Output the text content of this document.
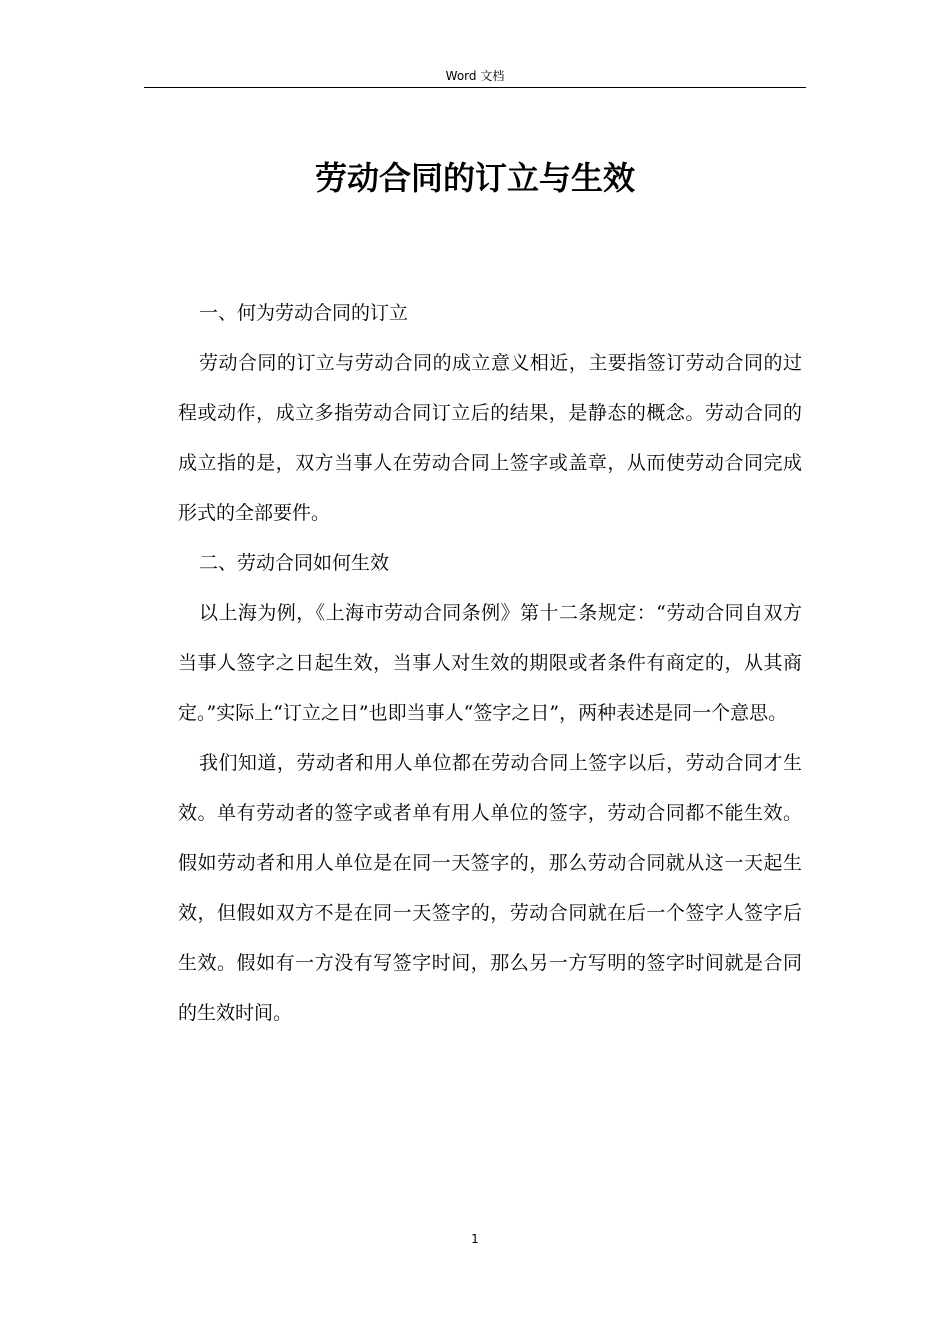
Word 文档
劳动合同的订立与生效

一、何为劳动合同的订立

劳动合同的订立与劳动合同的成立意义相近，主要指签订劳动合同的过程或动作，成立多指劳动合同订立后的结果，是静态的概念。劳动合同的成立指的是，双方当事人在劳动合同上签字或盖章，从而使劳动合同完成形式的全部要件。

二、劳动合同如何生效

以上海为例，《上海市劳动合同条例》第十二条规定：“劳动合同自双方当事人签字之日起生效，当事人对生效的期限或者条件有商定的，从其商定。”实际上“订立之日”也即当事人“签字之日”，两种表述是同一个意思。

我们知道，劳动者和用人单位都在劳动合同上签字以后，劳动合同才生效。单有劳动者的签字或者单有用人单位的签字，劳动合同都不能生效。假如劳动者和用人单位是在同一天签字的，那么劳动合同就从这一天起生效，但假如双方不是在同一天签字的，劳动合同就在后一个签字人签字后生效。假如有一方没有写签字时间，那么另一方写明的签字时间就是合同的生效时间。

1
